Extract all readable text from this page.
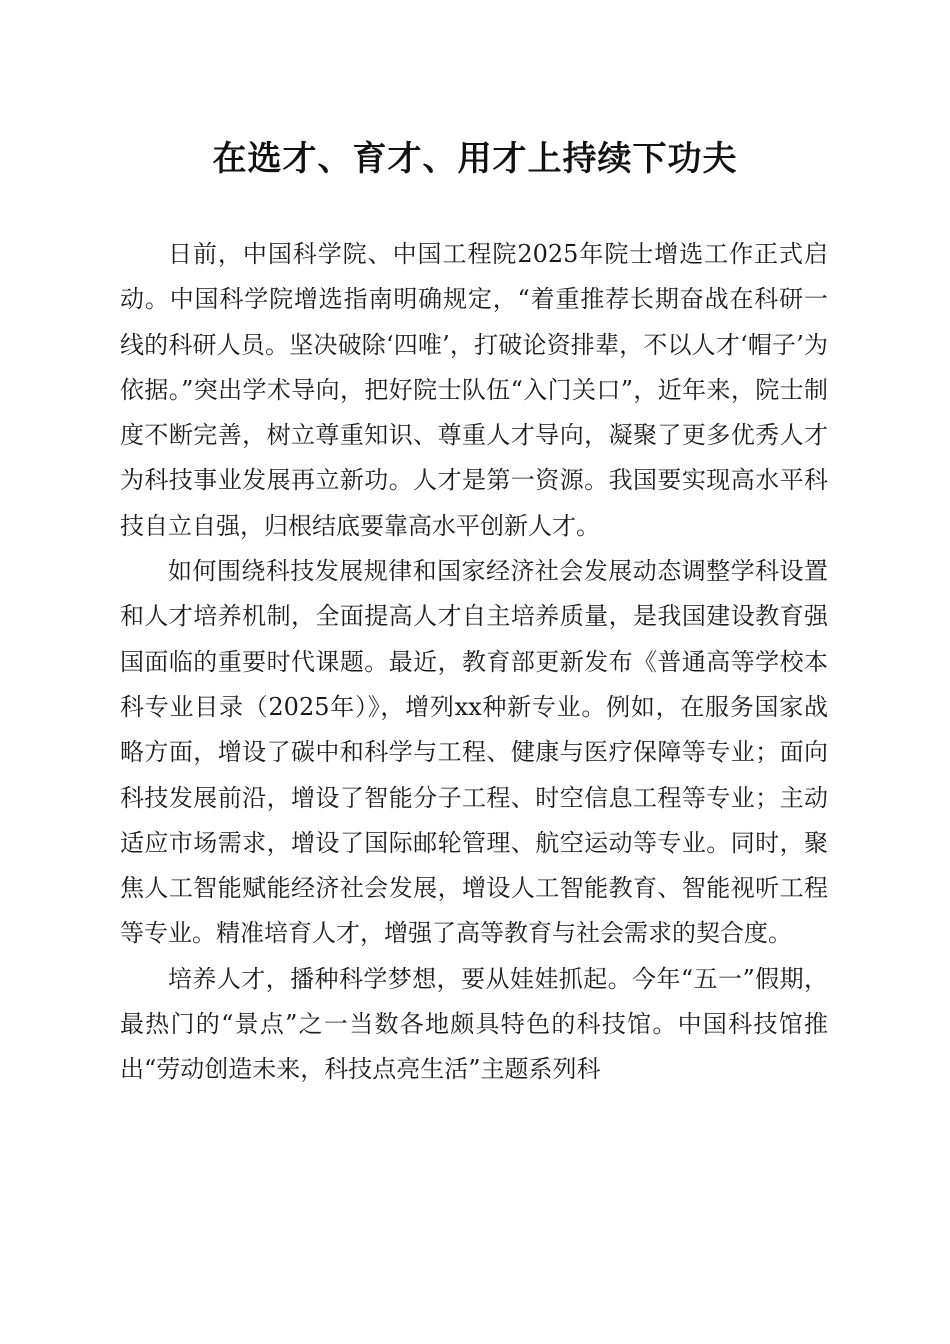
在选才、育才、用才上持续下功夫

日前，中国科学院、中国工程院2025年院士增选工作正式启动。中国科学院增选指南明确规定，“着重推荐长期奋战在科研一线的科研人员。坚决破除‘四唯’，打破论资排辈，不以人才‘帽子’为依据。”突出学术导向，把好院士队伍“入门关口”，近年来，院士制度不断完善，树立尊重知识、尊重人才导向，凝聚了更多优秀人才为科技事业发展再立新功。人才是第一资源。我国要实现高水平科技自立自强，归根结底要靠高水平创新人才。

如何围绕科技发展规律和国家经济社会发展动态调整学科设置和人才培养机制，全面提高人才自主培养质量，是我国建设教育强国面临的重要时代课题。最近，教育部更新发布《普通高等学校本科专业目录（2025年）》，增列xx种新专业。例如，在服务国家战略方面，增设了碳中和科学与工程、健康与医疗保障等专业；面向科技发展前沿，增设了智能分子工程、时空信息工程等专业；主动适应市场需求，增设了国际邮轮管理、航空运动等专业。同时，聚焦人工智能赋能经济社会发展，增设人工智能教育、智能视听工程等专业。精准培育人才，增强了高等教育与社会需求的契合度。

培养人才，播种科学梦想，要从娃娃抓起。今年“五一”假期，最热门的“景点”之一当数各地颇具特色的科技馆。中国科技馆推出“劳动创造未来，科技点亮生活”主题系列科
